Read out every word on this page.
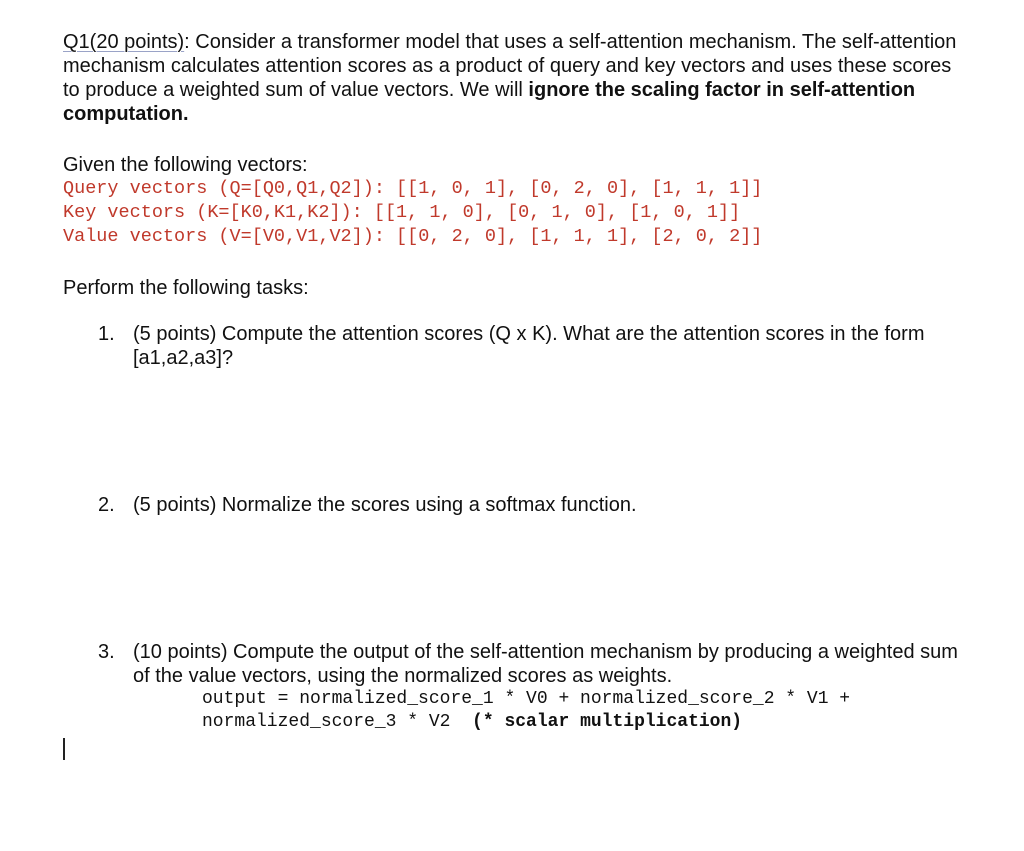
Q1(20 points): Consider a transformer model that uses a self-attention mechanism. The self-attention mechanism calculates attention scores as a product of query and key vectors and uses these scores to produce a weighted sum of value vectors. We will ignore the scaling factor in self-attention computation.

Given the following vectors:

Query vectors (Q=[Q0,Q1,Q2]): [[1, 0, 1], [0, 2, 0], [1, 1, 1]]

Key vectors (K=[K0,K1,K2]): [[1, 1, 0], [0, 1, 0], [1, 0, 1]]

Value vectors (V=[V0,V1,V2]): [[0, 2, 0], [1, 1, 1], [2, 0, 2]]

Perform the following tasks:

1. (5 points) Compute the attention scores (Q x K). What are the attention scores in the form [a1,a2,a3]?
2. (5 points) Normalize the scores using a softmax function.
3. (10 points) Compute the output of the self-attention mechanism by producing a weighted sum of the value vectors, using the normalized scores as weights.
output = normalized_score_1 * V0 + normalized_score_2 * V1 +
normalized_score_3 * V2  (* scalar multiplication)
